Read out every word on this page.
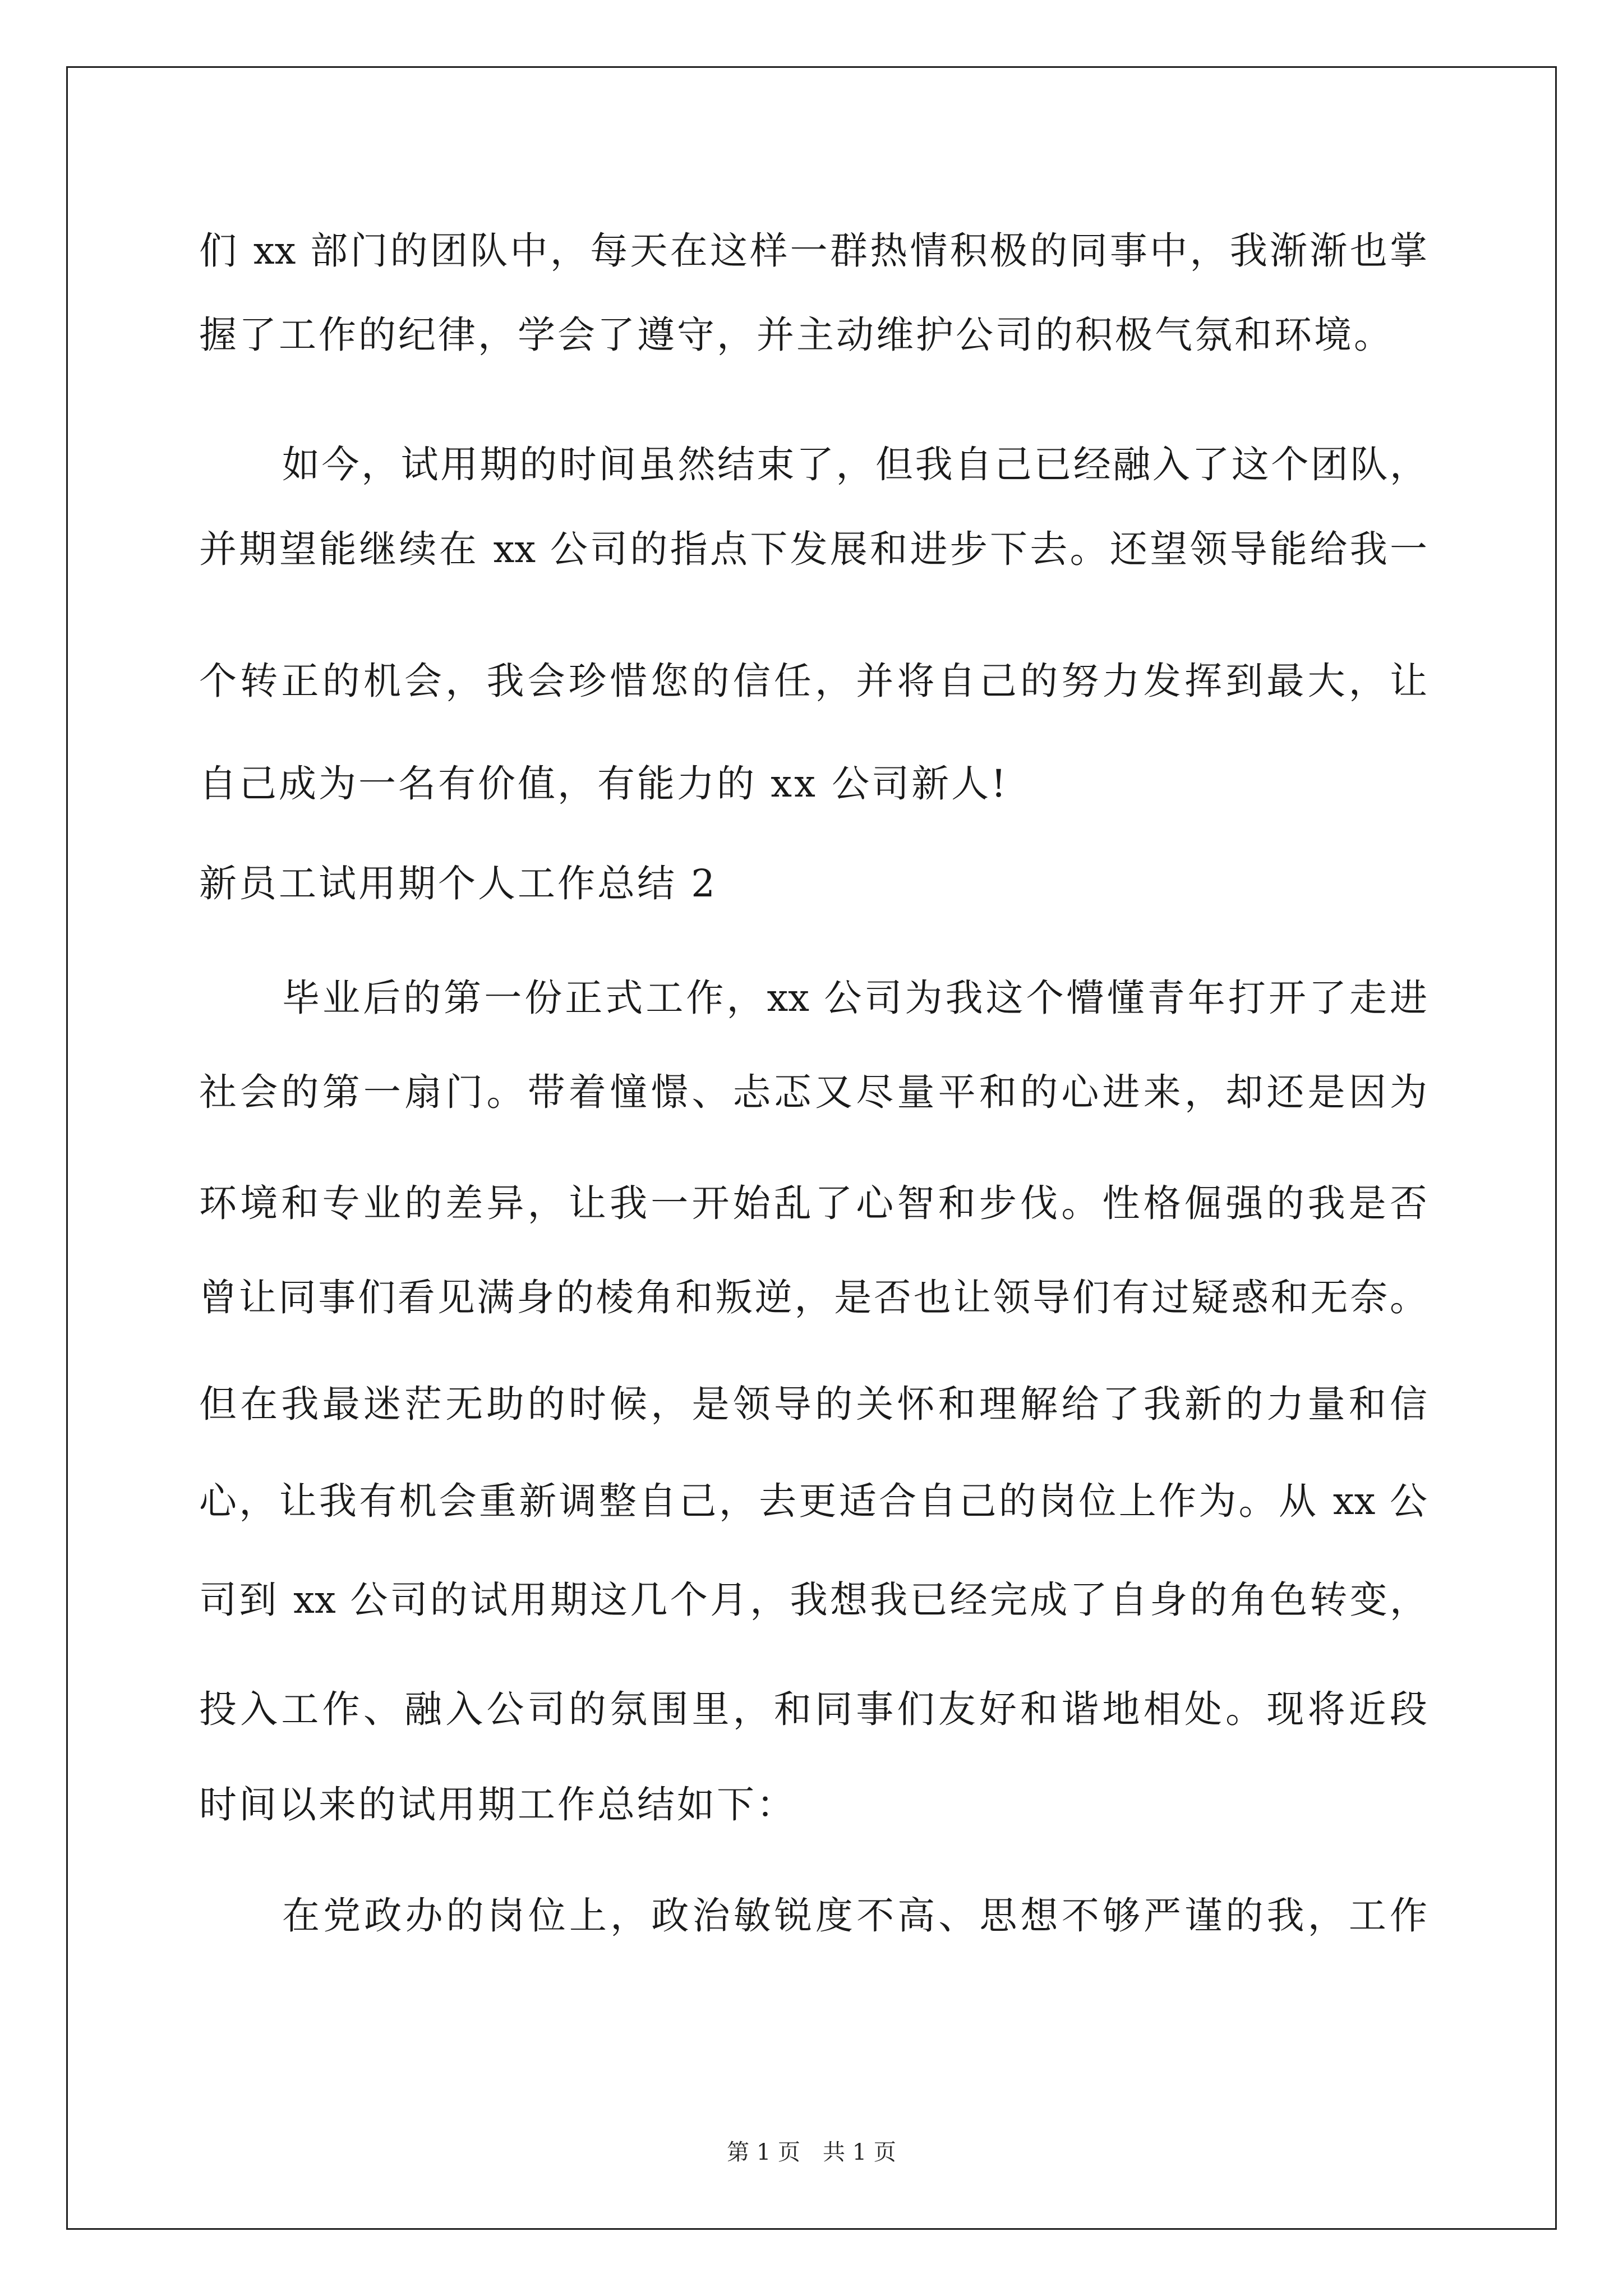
们 xx 部门的团队中，每天在这样一群热情积极的同事中，我渐渐也掌
握了工作的纪律，学会了遵守，并主动维护公司的积极气氛和环境。
如今，试用期的时间虽然结束了，但我自己已经融入了这个团队，
并期望能继续在 xx 公司的指点下发展和进步下去。还望领导能给我一
个转正的机会，我会珍惜您的信任，并将自己的努力发挥到最大，让
自己成为一名有价值，有能力的 xx 公司新人!
新员工试用期个人工作总结 2
毕业后的第一份正式工作，xx 公司为我这个懵懂青年打开了走进
社会的第一扇门。带着憧憬、忐忑又尽量平和的心进来，却还是因为
环境和专业的差异，让我一开始乱了心智和步伐。性格倔强的我是否
曾让同事们看见满身的棱角和叛逆，是否也让领导们有过疑惑和无奈。
但在我最迷茫无助的时候，是领导的关怀和理解给了我新的力量和信
心，让我有机会重新调整自己，去更适合自己的岗位上作为。从 xx 公
司到 xx 公司的试用期这几个月，我想我已经完成了自身的角色转变，
投入工作、融入公司的氛围里，和同事们友好和谐地相处。现将近段
时间以来的试用期工作总结如下：
在党政办的岗位上，政治敏锐度不高、思想不够严谨的我，工作
第 1 页　共 1 页
